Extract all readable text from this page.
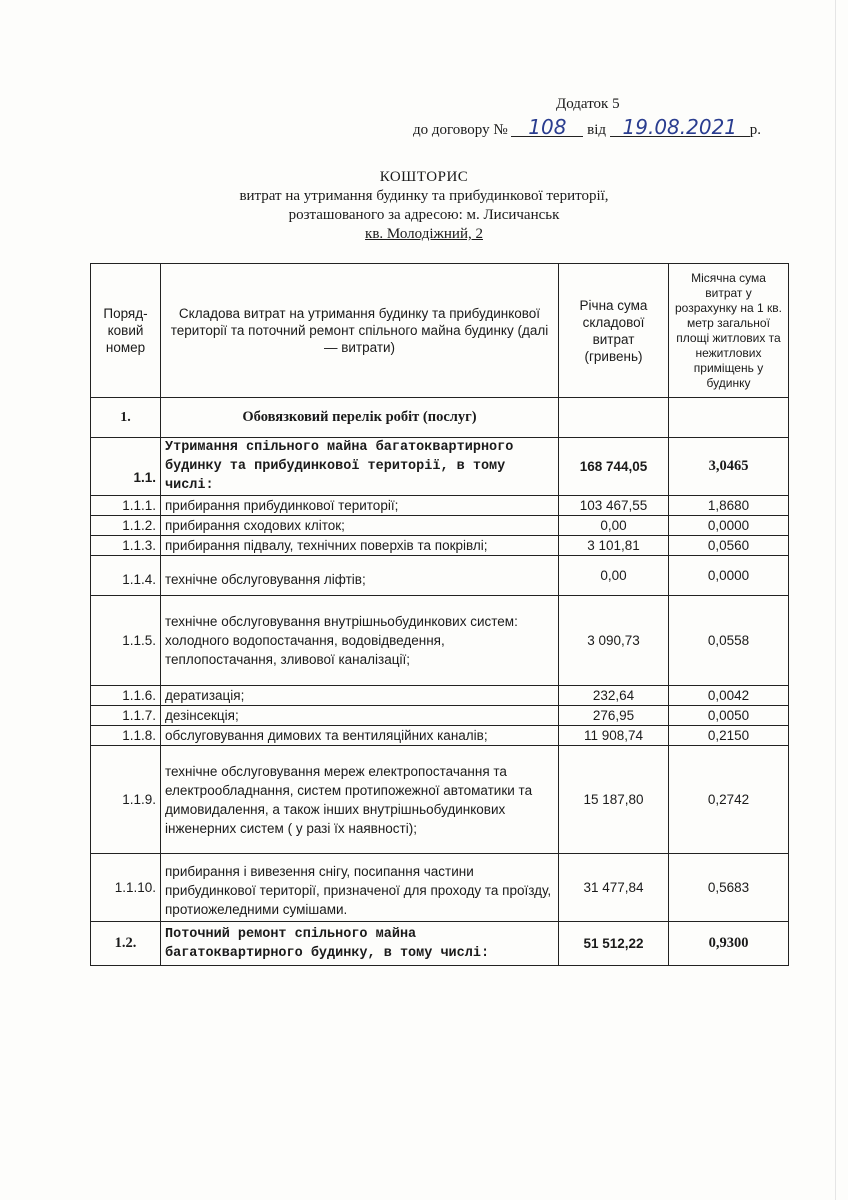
Додаток 5
до договору № 108 від 19.08.2021 р.
КОШТОРИС
витрат на утримання будинку та прибудинкової території,
розташованого за адресою: м. Лисичанськ
кв. Молодіжний, 2
Поряд-ковий номер	Складова витрат на утримання будинку та прибудинкової території та поточний ремонт спільного майна будинку (далі — витрати)	Річна сума складової витрат (гривень)	Місячна сума витрат у розрахунку на 1 кв. метр загальної площі житлових та нежитлових приміщень у будинку
1.	Обовязковий перелік робіт (послуг)		
1.1.	Утримання спільного майна багатоквартирного будинку та прибудинкової території, в тому числі:	168 744,05	3,0465
1.1.1.	прибирання прибудинкової території;	103 467,55	1,8680
1.1.2.	прибирання сходових кліток;	0,00	0,0000
1.1.3.	прибирання підвалу, технічних поверхів та покрівлі;	3 101,81	0,0560
1.1.4.	технічне обслуговування ліфтів;	0,00	0,0000
1.1.5.	технічне обслуговування внутрішньобудинкових систем: холодного водопостачання, водовідведення, теплопостачання, зливової каналізації;	3 090,73	0,0558
1.1.6.	дератизація;	232,64	0,0042
1.1.7.	дезінсекція;	276,95	0,0050
1.1.8.	обслуговування димових та вентиляційних каналів;	11 908,74	0,2150
1.1.9.	технічне обслуговування мереж електропостачання та електрообладнання, систем протипожежної автоматики та димовидалення, а також інших внутрішньобудинкових інженерних систем ( у разі їх наявності);	15 187,80	0,2742
1.1.10.	прибирання і вивезення снігу, посипання частини прибудинкової території, призначеної для проходу та проїзду, протиожеледними сумішами.	31 477,84	0,5683
1.2.	Поточний ремонт спільного майна багатоквартирного будинку, в тому числі:	51 512,22	0,9300
